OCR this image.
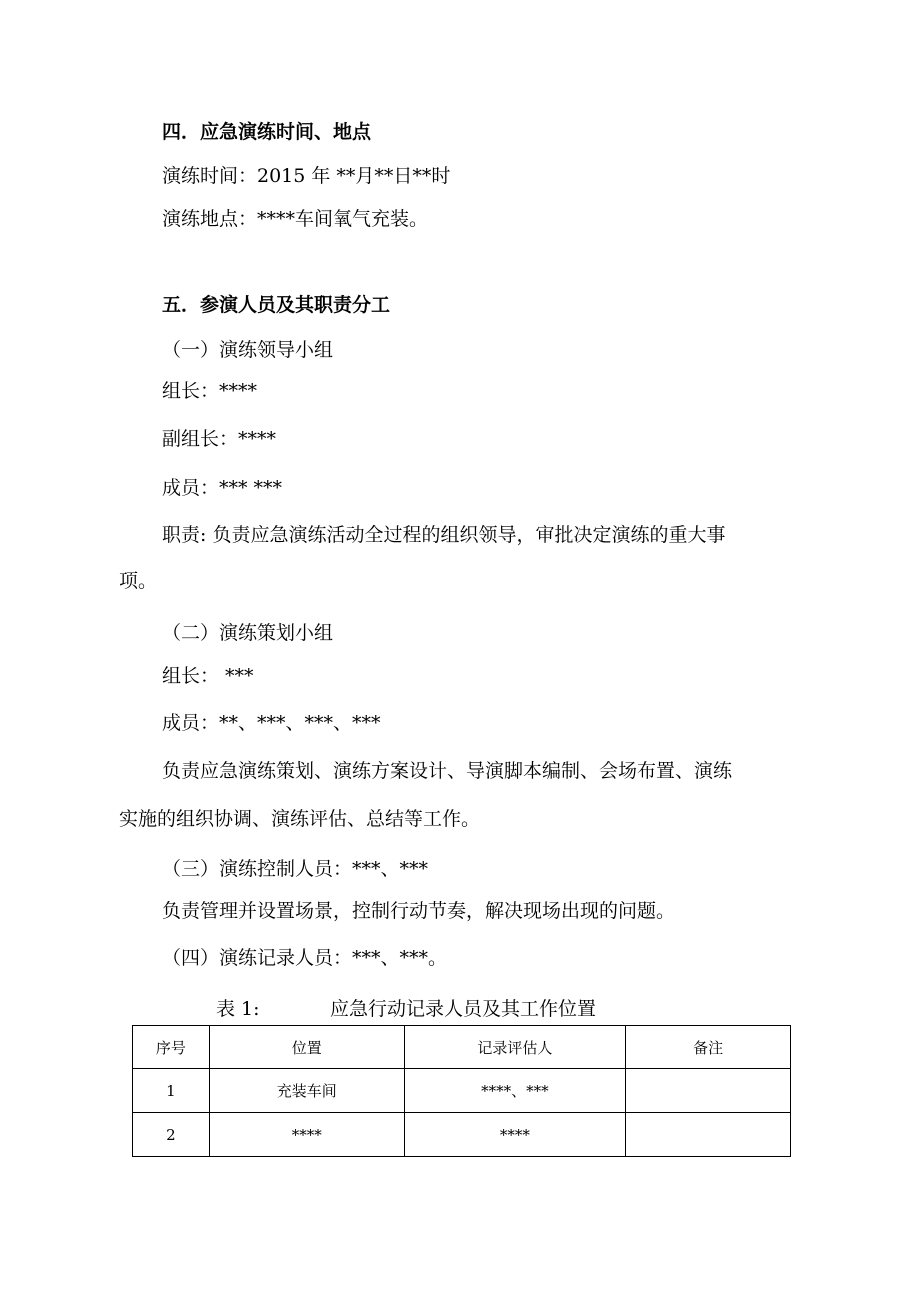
四．应急演练时间、地点
演练时间：2015 年 **月**日**时
演练地点：****车间氧气充装。
五．参演人员及其职责分工
（一）演练领导小组
组长：****
副组长：****
成员：*** ***
职责: 负责应急演练活动全过程的组织领导，审批决定演练的重大事
项。
（二）演练策划小组
组长： ***
成员：**、***、***、***
负责应急演练策划、演练方案设计、导演脚本编制、会场布置、演练
实施的组织协调、演练评估、总结等工作。
（三）演练控制人员：***、***
负责管理并设置场景，控制行动节奏，解决现场出现的问题。
（四）演练记录人员：***、***。
表 1:	应急行动记录人员及其工作位置
序号	位置	记录评估人	备注
1	充装车间	****、***	
2	****	****	
